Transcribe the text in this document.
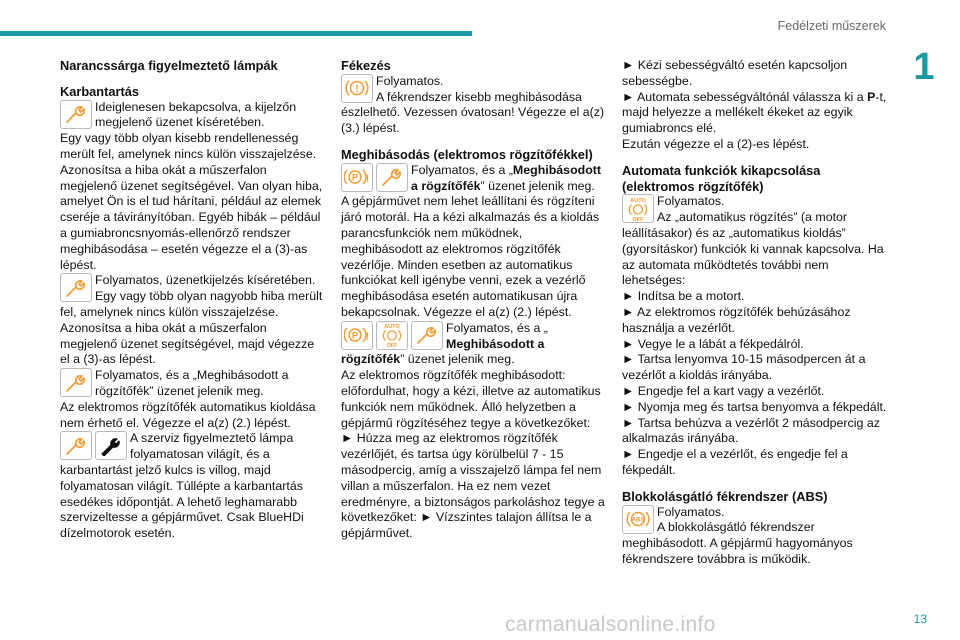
Fedélzeti műszerek
1

Narancssárga figyelmeztető lámpák

Karbantartás

Ideiglenesen bekapcsolva, a kijelzőn megjelenő üzenet kíséretében.

Egy vagy több olyan kisebb rendellenesség merült fel, amelynek nincs külön visszajelzése. Azonosítsa a hiba okát a műszerfalon megjelenő üzenet segítségével. Van olyan hiba, amelyet Ön is el tud hárítani, például az elemek cseréje a távirányítóban. Egyéb hibák – például a gumiabroncsnyomás-ellenőrző rendszer meghibásodása – esetén végezze el a (3)-as lépést.

Folyamatos, üzenetkijelzés kíséretében. Egy vagy több olyan nagyobb hiba merült

fel, amelynek nincs külön visszajelzése. Azonosítsa a hiba okát a műszerfalon megjelenő üzenet segítségével, majd végezze el a (3)-as lépést.

Folyamatos, és a „Meghibásodott a rögzítőfék” üzenet jelenik meg.

Az elektromos rögzítőfék automatikus kioldása nem érhető el. Végezze el a(z) (2.) lépést.

A szerviz figyelmeztető lámpa folyamatosan világít, és a

karbantartást jelző kulcs is villog, majd folyamatosan világít. Túllépte a karbantartás esedékes időpontját. A lehető leghamarabb szervizeltesse a gépjárművet. Csak BlueHDi dízelmotorok esetén.

Fékezés

!
Folyamatos.
A fékrendszer kisebb meghibásodása

észlelhető. Vezessen óvatosan! Végezze el a(z) (3.) lépést.

Meghibásodás (elektromos rögzítőfékkel)

P !
Folyamatos, és a „Meghibásodott a rögzítőfék” üzenet jelenik meg.

A gépjárművet nem lehet leállítani és rögzíteni járó motorál. Ha a kézi alkalmazás és a kioldás parancsfunkciók nem működnek, meghibásodott az elektromos rögzítőfék vezérlője. Minden esetben az automatikus funkciókat kell igénybe venni, ezek a vezérlő meghibásodása esetén automatikusan újra bekapcsolnak. Végezze el a(z) (2.) lépést.

P !
AUTO
OFF
Folyamatos, és a „
Meghibásodott a

rögzítőfék” üzenet jelenik meg.

Az elektromos rögzítőfék meghibásodott: előfordulhat, hogy a kézi, illetve az automatikus funkciók nem működnek. Álló helyzetben a gépjármű rögzítéséhez tegye a következőket: ► Húzza meg az elektromos rögzítőfék vezérlőjét, és tartsa úgy körülbelül 7 - 15 másodpercig, amíg a visszajelző lámpa fel nem villan a műszerfalon. Ha ez nem vezet eredményre, a biztonságos parkoláshoz tegye a következőket: ► Vízszintes talajon állítsa le a gépjárművet.

► Kézi sebességváltó esetén kapcsoljon sebességbe.

► Automata sebességváltónál válassza ki a P-t, majd helyezze a mellékelt ékeket az egyik gumiabroncs elé.

Ezután végezze el a (2)-es lépést.

Automata funkciók kikapcsolása (elektromos rögzítőfék)

AUTO
OFF
Folyamatos.
Az „automatikus rögzítés” (a motor

leállításakor) és az „automatikus kioldás” (gyorsításkor) funkciók ki vannak kapcsolva. Ha az automata működtetés további nem lehetséges:

► Indítsa be a motort.

► Az elektromos rögzítőfék behúzásához használja a vezérlőt.

► Vegye le a lábát a fékpedálról.

► Tartsa lenyomva 10-15 másodpercen át a vezérlőt a kioldás irányába.

► Engedje fel a kart vagy a vezérlőt.

► Nyomja meg és tartsa benyomva a fékpedált.

► Tartsa behúzva a vezérlőt 2 másodpercig az alkalmazás irányába.

► Engedje el a vezérlőt, és engedje fel a fékpedált.

Blokkolásgátló fékrendszer (ABS)

ABS
Folyamatos.
A blokkolásgátló fékrendszer

meghibásodott. A gépjármű hagyományos fékrendszere továbbra is működik.

carmanualsonline.info	13
